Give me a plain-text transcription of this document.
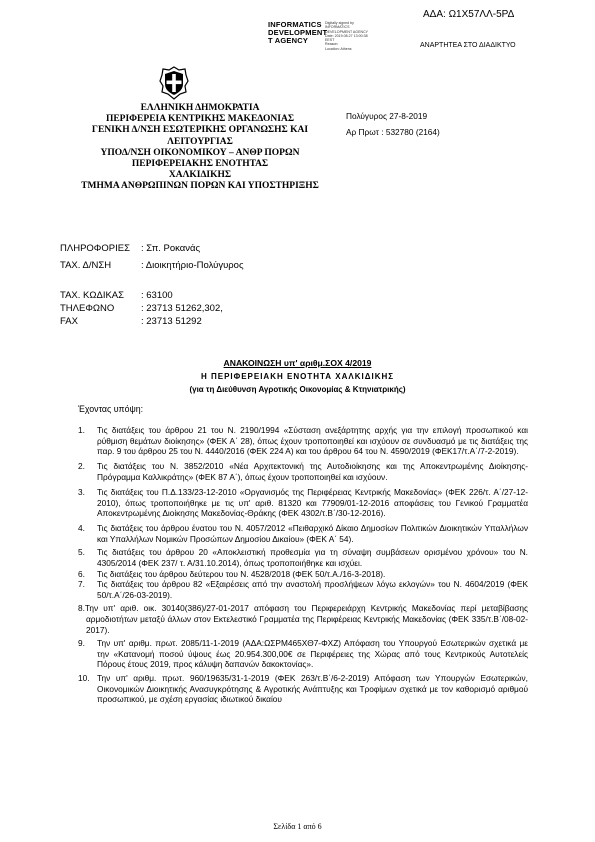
ΑΔΑ: Ω1Χ57ΛΛ-5ΡΔ
INFORMATICS
DEVELOPMENT
T AGENCY
Digitally signed by
INFORMATICS
DEVELOPMENT AGENCY
Date: 2019.08.27 13:00:38
EEST
Reason:
Location: Athens	ΑΝΑΡΤΗΤΕΑ ΣΤΟ ΔΙΑΔΙΚΤΥΟ
ΕΛΛΗΝΙΚΗ ΔΗΜΟΚΡΑΤΙΑ
ΠΕΡΙΦΕΡΕΙΑ ΚΕΝΤΡΙΚΗΣ ΜΑΚΕΔΟΝΙΑΣ
ΓΕΝΙΚΗ Δ/ΝΣΗ ΕΣΩΤΕΡΙΚΗΣ ΟΡΓΑΝΩΣΗΣ ΚΑΙ
ΛΕΙΤΟΥΡΓΙΑΣ
ΥΠΟΔ/ΝΣΗ ΟΙΚΟΝΟΜΙΚΟΥ – ΑΝΘΡ ΠΟΡΩΝ
ΠΕΡΙΦΕΡΕΙΑΚΗΣ ΕΝΟΤΗΤΑΣ
ΧΑΛΚΙΔΙΚΗΣ
ΤΜΗΜΑ ΑΝΘΡΩΠΙΝΩΝ ΠΟΡΩΝ ΚΑΙ ΥΠΟΣΤΗΡΙΞΗΣ
Πολύγυρος 27-8-2019
Αρ Πρωτ : 532780 (2164)
ΠΛΗΡΟΦΟΡΙΕΣ : Σπ. Ροκανάς
ΤΑΧ. Δ/ΝΣΗ	: Διοικητήριο-Πολύγυρος
ΤΑΧ. ΚΩΔΙΚΑΣ : 63100
ΤΗΛΕΦΩΝΟ	: 23713 51262,302,
FAX	: 23713 51292
ΑΝΑΚΟΙΝΩΣΗ υπ' αριθμ.ΣΟΧ 4/2019
Η ΠΕΡΙΦΕΡΕΙΑΚΗ ΕΝΟΤΗΤΑ ΧΑΛΚΙΔΙΚΗΣ
(για τη Διεύθυνση Αγροτικής Οικονομίας & Κτηνιατρικής)
Έχοντας υπόψη:
1. Τις διατάξεις του άρθρου 21 του Ν. 2190/1994 «Σύσταση ανεξάρτητης αρχής για την επιλογή προσωπικού και ρύθμιση θεμάτων διοίκησης» (ΦΕΚ Α΄ 28), όπως έχουν τροποποιηθεί και ισχύουν σε συνδυασμό με τις διατάξεις της παρ. 9 του άρθρου 25 του Ν. 4440/2016 (ΦΕΚ 224 Α) και του άρθρου 64 του Ν. 4590/2019 (ΦΕΚ17/τ.Α΄/7-2-2019).
2. Τις διατάξεις του Ν. 3852/2010 «Νέα Αρχιτεκτονική της Αυτοδιοίκησης και της Αποκεντρωμένης Διοίκησης- Πρόγραμμα Καλλικράτης» (ΦΕΚ 87 Α΄), όπως έχουν τροποποιηθεί και ισχύουν.
3. Τις διατάξεις του Π.Δ.133/23-12-2010 «Οργανισμός της Περιφέρειας Κεντρικής Μακεδονίας» (ΦΕΚ 226/τ. Α΄/27-12-2010), όπως τροποποιήθηκε με τις υπ' αριθ. 81320 και 77909/01-12-2016 αποφάσεις του Γενικού Γραμματέα Αποκεντρωμένης Διοίκησης Μακεδονίας-Θράκης (ΦΕΚ 4302/τ.Β΄/30-12-2016).
4. Τις διατάξεις του άρθρου ένατου του Ν. 4057/2012 «Πειθαρχικό Δίκαιο Δημοσίων Πολιτικών Διοικητικών Υπαλλήλων και Υπαλλήλων Νομικών Προσώπων Δημοσίου Δικαίου» (ΦΕΚ Α΄ 54).
5. Τις διατάξεις του άρθρου 20 «Αποκλειστική προθεσμία για τη σύναψη συμβάσεων ορισμένου χρόνου» του Ν. 4305/2014 (ΦΕΚ 237/ τ. Α/31.10.2014), όπως τροποποιήθηκε και ισχύει.
6. Τις διατάξεις του άρθρου δεύτερου του Ν. 4528/2018 (ΦΕΚ 50/τ.Α./16-3-2018).
7. Τις διατάξεις του άρθρου 82 «Εξαιρέσεις από την αναστολή προσλήψεων λόγω εκλογών» του Ν. 4604/2019 (ΦΕΚ 50/τ.Α΄/26-03-2019).
8.Την υπ' αριθ. οικ. 30140(386)/27-01-2017 απόφαση του Περιφερειάρχη Κεντρικής Μακεδονίας περί μεταβίβασης αρμοδιοτήτων μεταξύ άλλων στον Εκτελεστικό Γραμματέα της Περιφέρειας Κεντρικής Μακεδονίας (ΦΕΚ 335/τ.Β΄/08-02-2017).
9. Την υπ' αριθμ. πρωτ. 2085/11-1-2019 (ΑΔΑ:ΩΣΡΜ465ΧΘ7-ΦΧΖ) Απόφαση του Υπουργού Εσωτερικών σχετικά με την «Κατανομή ποσού ύψους έως 20.954.300,00€ σε Περιφέρειες της Χώρας από τους Κεντρικούς Αυτοτελείς Πόρους έτους 2019, προς κάλυψη δαπανών δακοκτονίας».
10. Την υπ' αριθμ. πρωτ. 960/19635/31-1-2019 (ΦΕΚ 263/τ.Β΄/6-2-2019) Απόφαση των Υπουργών Εσωτερικών, Οικονομικών Διοικητικής Ανασυγκρότησης & Αγροτικής Ανάπτυξης και Τροφίμων σχετικά με τον καθορισμό αριθμού προσωπικού, με σχέση εργασίας ιδιωτικού δικαίου
Σελίδα 1 από 6
